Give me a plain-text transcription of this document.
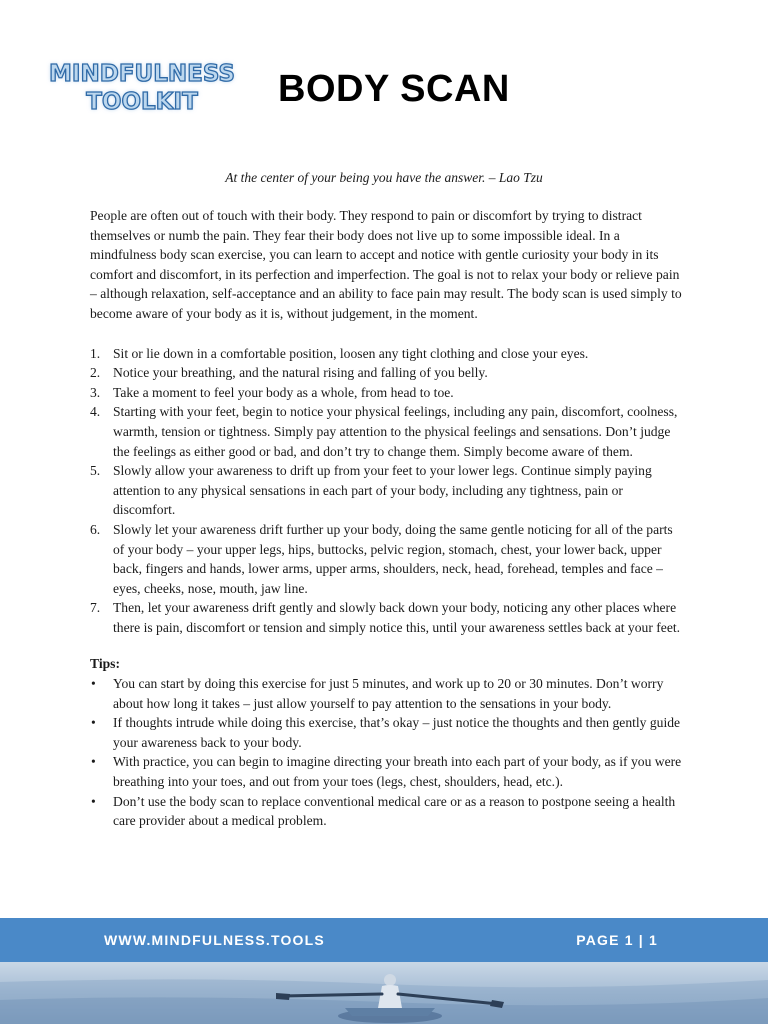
MINDFULNESS
TOOLKIT	BODY SCAN
At the center of your being you have the answer. – Lao Tzu

People are often out of touch with their body. They respond to pain or discomfort by trying to distract themselves or numb the pain. They fear their body does not live up to some impossible ideal. In a mindfulness body scan exercise, you can learn to accept and notice with gentle curiosity your body in its comfort and discomfort, in its perfection and imperfection. The goal is not to relax your body or relieve pain – although relaxation, self-acceptance and an ability to face pain may result. The body scan is used simply to become aware of your body as it is, without judgement, in the moment.

1. Sit or lie down in a comfortable position, loosen any tight clothing and close your eyes.
2. Notice your breathing, and the natural rising and falling of you belly.
3. Take a moment to feel your body as a whole, from head to toe.
4. Starting with your feet, begin to notice your physical feelings, including any pain, discomfort, coolness, warmth, tension or tightness. Simply pay attention to the physical feelings and sensations. Don’t judge the feelings as either good or bad, and don’t try to change them. Simply become aware of them.
5. Slowly allow your awareness to drift up from your feet to your lower legs. Continue simply paying attention to any physical sensations in each part of your body, including any tightness, pain or discomfort.
6. Slowly let your awareness drift further up your body, doing the same gentle noticing for all of the parts of your body – your upper legs, hips, buttocks, pelvic region, stomach, chest, your lower back, upper back, fingers and hands, lower arms, upper arms, shoulders, neck, head, forehead, temples and face – eyes, cheeks, nose, mouth, jaw line.
7. Then, let your awareness drift gently and slowly back down your body, noticing any other places where there is pain, discomfort or tension and simply notice this, until your awareness settles back at your feet.
Tips:
• You can start by doing this exercise for just 5 minutes, and work up to 20 or 30 minutes. Don’t worry about how long it takes – just allow yourself to pay attention to the sensations in your body.
• If thoughts intrude while doing this exercise, that’s okay – just notice the thoughts and then gently guide your awareness back to your body.
• With practice, you can begin to imagine directing your breath into each part of your body, as if you were breathing into your toes, and out from your toes (legs, chest, shoulders, head, etc.).
• Don’t use the body scan to replace conventional medical care or as a reason to postpone seeing a health care provider about a medical problem.
WWW.MINDFULNESS.TOOLS	PAGE 1 | 1
